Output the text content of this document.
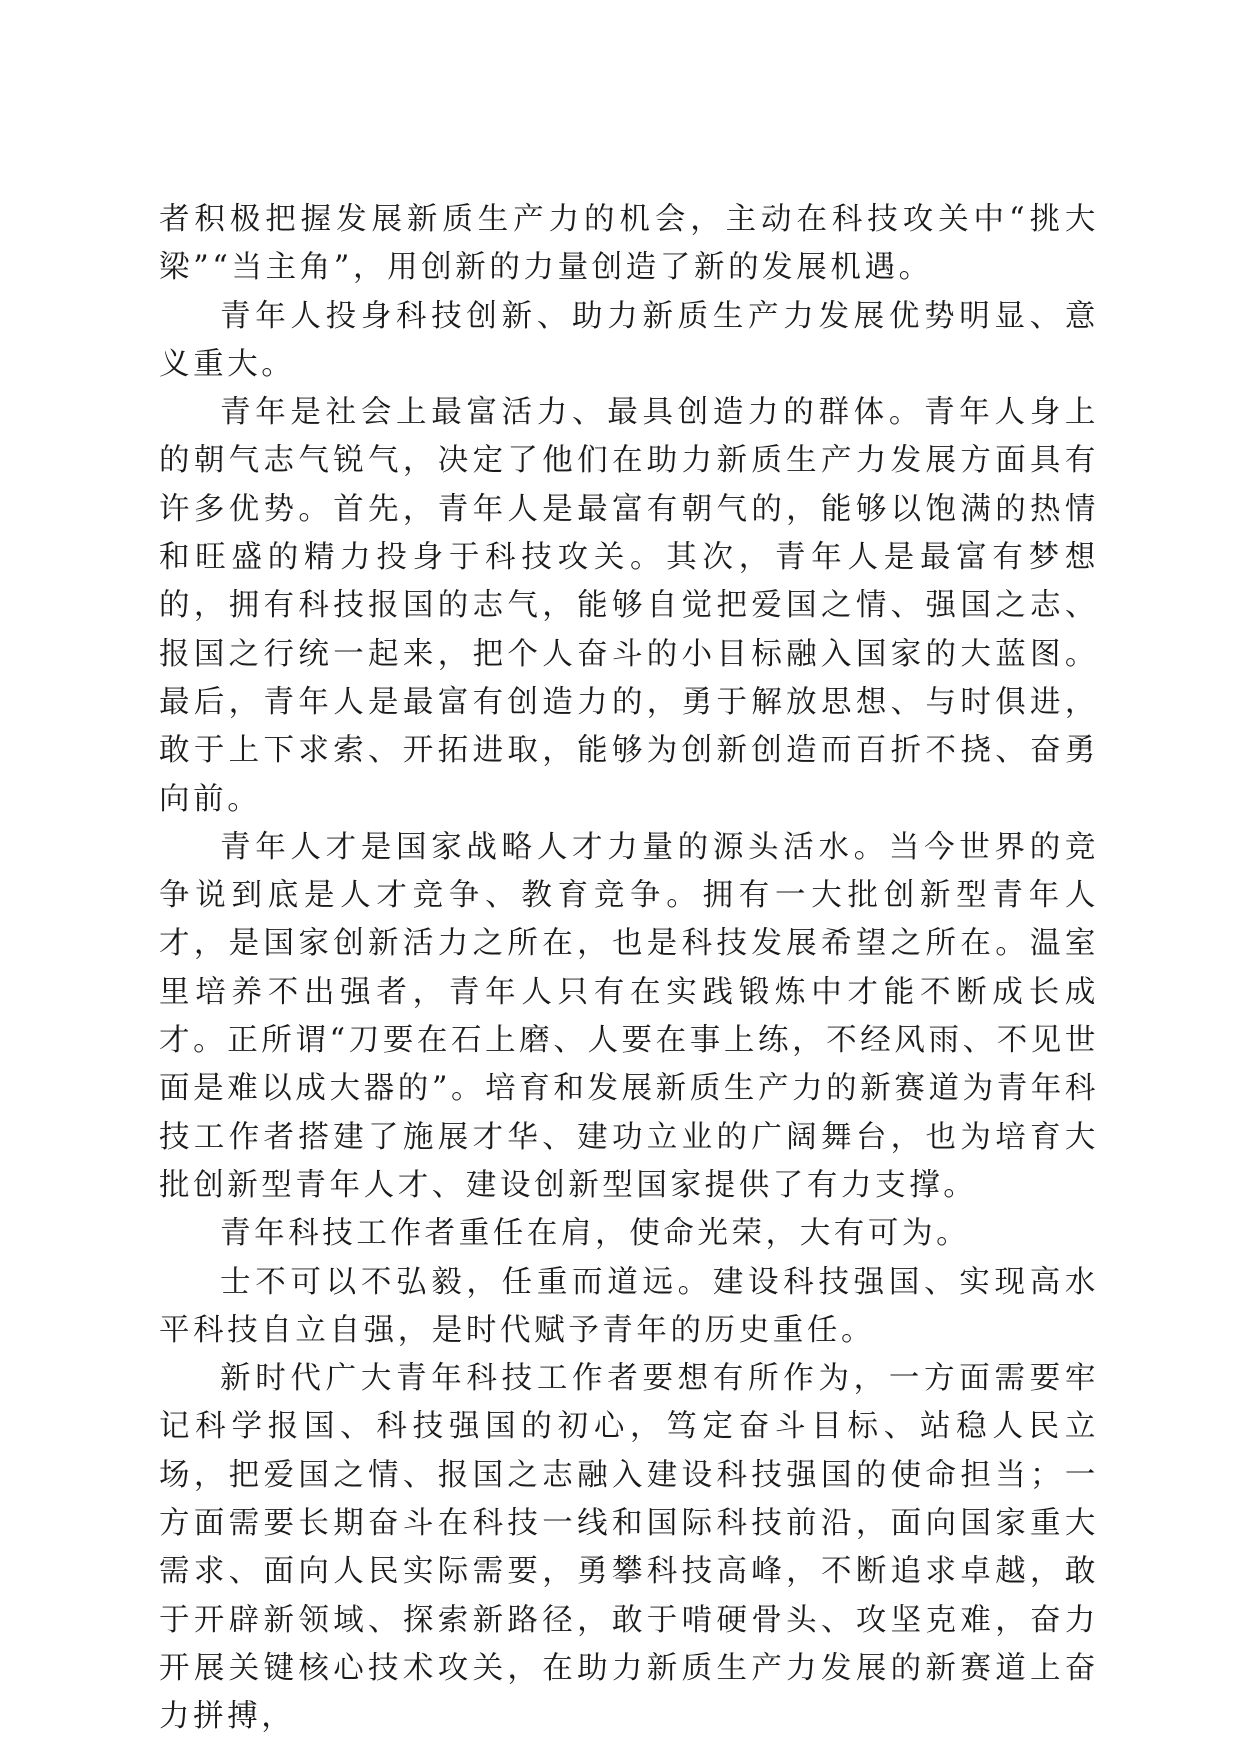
者积极把握发展新质生产力的机会，主动在科技攻关中“挑大梁”“当主角”，用创新的力量创造了新的发展机遇。

青年人投身科技创新、助力新质生产力发展优势明显、意义重大。

青年是社会上最富活力、最具创造力的群体。青年人身上的朝气志气锐气，决定了他们在助力新质生产力发展方面具有许多优势。首先，青年人是最富有朝气的，能够以饱满的热情和旺盛的精力投身于科技攻关。其次，青年人是最富有梦想的，拥有科技报国的志气，能够自觉把爱国之情、强国之志、报国之行统一起来，把个人奋斗的小目标融入国家的大蓝图。最后，青年人是最富有创造力的，勇于解放思想、与时俱进，敢于上下求索、开拓进取，能够为创新创造而百折不挠、奋勇向前。

青年人才是国家战略人才力量的源头活水。当今世界的竞争说到底是人才竞争、教育竞争。拥有一大批创新型青年人才，是国家创新活力之所在，也是科技发展希望之所在。温室里培养不出强者，青年人只有在实践锻炼中才能不断成长成才。正所谓“刀要在石上磨、人要在事上练，不经风雨、不见世面是难以成大器的”。培育和发展新质生产力的新赛道为青年科技工作者搭建了施展才华、建功立业的广阔舞台，也为培育大批创新型青年人才、建设创新型国家提供了有力支撑。

青年科技工作者重任在肩，使命光荣，大有可为。

士不可以不弘毅，任重而道远。建设科技强国、实现高水平科技自立自强，是时代赋予青年的历史重任。

新时代广大青年科技工作者要想有所作为，一方面需要牢记科学报国、科技强国的初心，笃定奋斗目标、站稳人民立场，把爱国之情、报国之志融入建设科技强国的使命担当；一方面需要长期奋斗在科技一线和国际科技前沿，面向国家重大需求、面向人民实际需要，勇攀科技高峰，不断追求卓越，敢于开辟新领域、探索新路径，敢于啃硬骨头、攻坚克难，奋力开展关键核心技术攻关，在助力新质生产力发展的新赛道上奋力拼搏，
